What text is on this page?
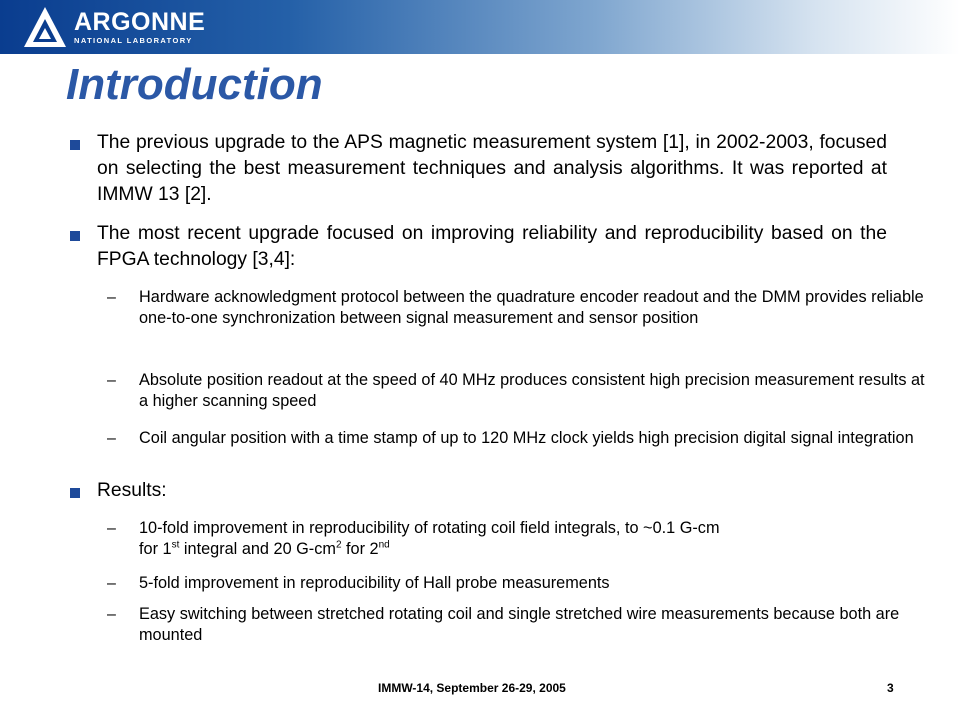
ARGONNE
NATIONAL LABORATORY
Introduction
The previous upgrade to the APS magnetic measurement system [1], in 2002-2003, focused on selecting the best measurement techniques and analysis algorithms. It was reported at IMMW 13 [2].
The most recent upgrade focused on improving reliability and reproducibility based on the FPGA technology [3,4]:
– Hardware acknowledgment protocol between the quadrature encoder readout and the DMM provides reliable one-to-one synchronization between signal measurement and sensor position
– Absolute position readout at the speed of 40 MHz produces consistent high precision measurement results at a higher scanning speed
– Coil angular position with a time stamp of up to 120 MHz clock yields high precision digital signal integration
Results:
– 10-fold improvement in reproducibility of rotating coil field integrals, to ~0.1 G-cm
for 1st integral and 20 $G-cm^2$ for 2nd
– 5-fold improvement in reproducibility of Hall probe measurements
– Easy switching between stretched rotating coil and single stretched wire measurements because both are mounted
IMMW-14, September 26-29, 2005	3
